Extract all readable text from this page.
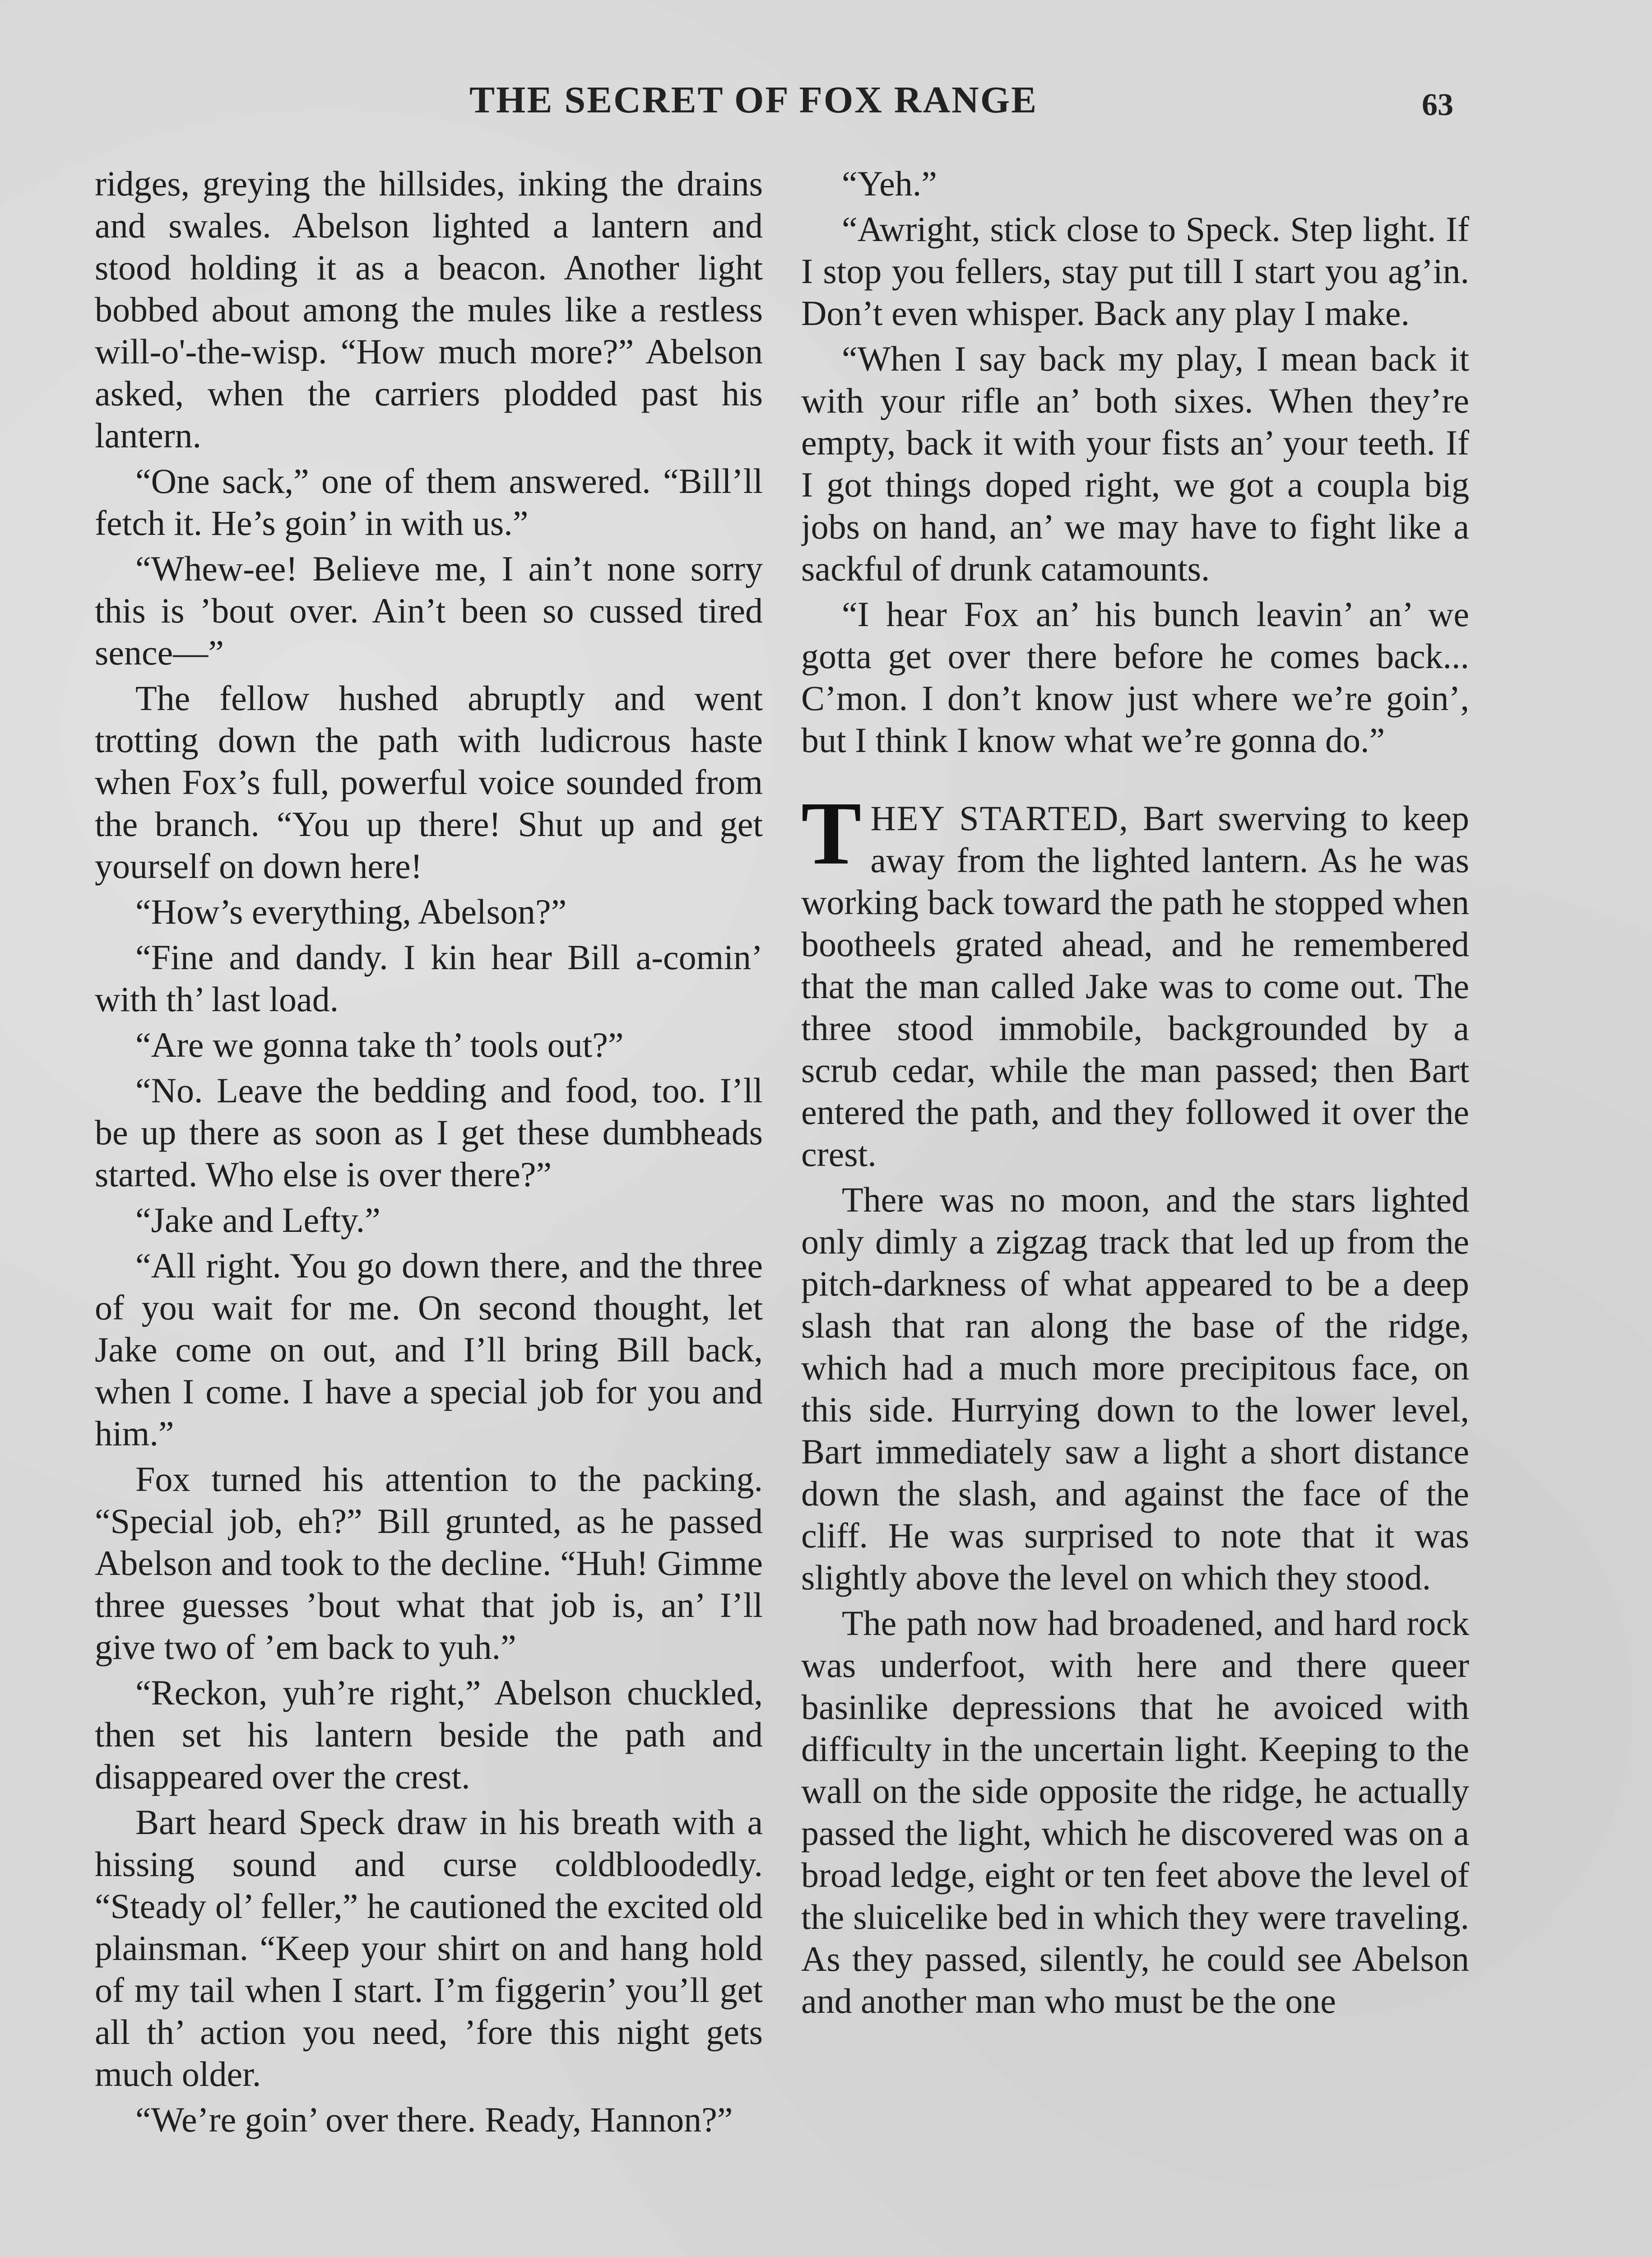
THE SECRET OF FOX RANGE	63

ridges, greying the hillsides, inking the drains and swales. Abelson lighted a lantern and stood holding it as a beacon. Another light bobbed about among the mules like a restless will-o'-the-wisp. “How much more?” Abelson asked, when the carriers plodded past his lantern.

“One sack,” one of them answered. “Bill’ll fetch it. He’s goin’ in with us.”

“Whew-ee! Believe me, I ain’t none sorry this is ’bout over. Ain’t been so cussed tired sence—”

The fellow hushed abruptly and went trotting down the path with ludicrous haste when Fox’s full, powerful voice sounded from the branch. “You up there! Shut up and get yourself on down here!

“How’s everything, Abelson?”

“Fine and dandy. I kin hear Bill a-comin’ with th’ last load.

“Are we gonna take th’ tools out?”

“No. Leave the bedding and food, too. I’ll be up there as soon as I get these dumbheads started. Who else is over there?”

“Jake and Lefty.”

“All right. You go down there, and the three of you wait for me. On second thought, let Jake come on out, and I’ll bring Bill back, when I come. I have a special job for you and him.”

Fox turned his attention to the packing. “Special job, eh?” Bill grunted, as he passed Abelson and took to the decline. “Huh! Gimme three guesses ’bout what that job is, an’ I’ll give two of ’em back to yuh.”

“Reckon, yuh’re right,” Abelson chuckled, then set his lantern beside the path and disappeared over the crest.

Bart heard Speck draw in his breath with a hissing sound and curse coldbloodedly. “Steady ol’ feller,” he cautioned the excited old plainsman. “Keep your shirt on and hang hold of my tail when I start. I’m figgerin’ you’ll get all th’ action you need, ’fore this night gets much older.

“We’re goin’ over there. Ready, Hannon?”

“Yeh.”

“Awright, stick close to Speck. Step light. If I stop you fellers, stay put till I start you ag’in. Don’t even whisper. Back any play I make.

“When I say back my play, I mean back it with your rifle an’ both sixes. When they’re empty, back it with your fists an’ your teeth. If I got things doped right, we got a coupla big jobs on hand, an’ we may have to fight like a sackful of drunk catamounts.

“I hear Fox an’ his bunch leavin’ an’ we gotta get over there before he comes back... C’mon. I don’t know just where we’re goin’, but I think I know what we’re gonna do.”

THEY STARTED, Bart swerving to keep away from the lighted lantern. As he was working back toward the path he stopped when bootheels grated ahead, and he remembered that the man called Jake was to come out. The three stood immobile, backgrounded by a scrub cedar, while the man passed; then Bart entered the path, and they followed it over the crest.

There was no moon, and the stars lighted only dimly a zigzag track that led up from the pitch-darkness of what appeared to be a deep slash that ran along the base of the ridge, which had a much more precipitous face, on this side. Hurrying down to the lower level, Bart immediately saw a light a short distance down the slash, and against the face of the cliff. He was surprised to note that it was slightly above the level on which they stood.

The path now had broadened, and hard rock was underfoot, with here and there queer basinlike depressions that he avoiced with difficulty in the uncertain light. Keeping to the wall on the side opposite the ridge, he actually passed the light, which he discovered was on a broad ledge, eight or ten feet above the level of the sluicelike bed in which they were traveling. As they passed, silently, he could see Abelson and another man who must be the one
